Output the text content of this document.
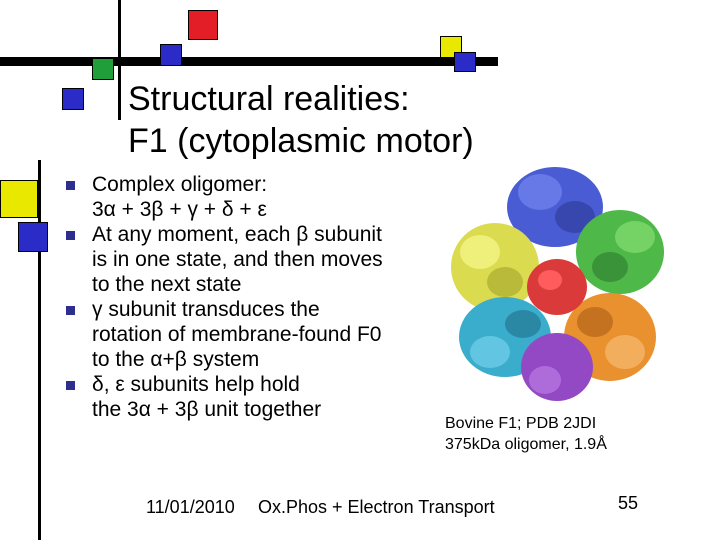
Structural realities:
F1 (cytoplasmic motor)
Complex oligomer:
3α + 3β + γ + δ + ε
At any moment, each β subunit
is in one state, and then moves
to the next state
γ subunit transduces the
rotation of membrane-found F0
to the α+β system
δ, ε subunits help hold
the 3α + 3β unit together
Bovine F1; PDB 2JDI
375kDa oligomer, 1.9Å
11/01/2010 Ox.Phos + Electron Transport	55
